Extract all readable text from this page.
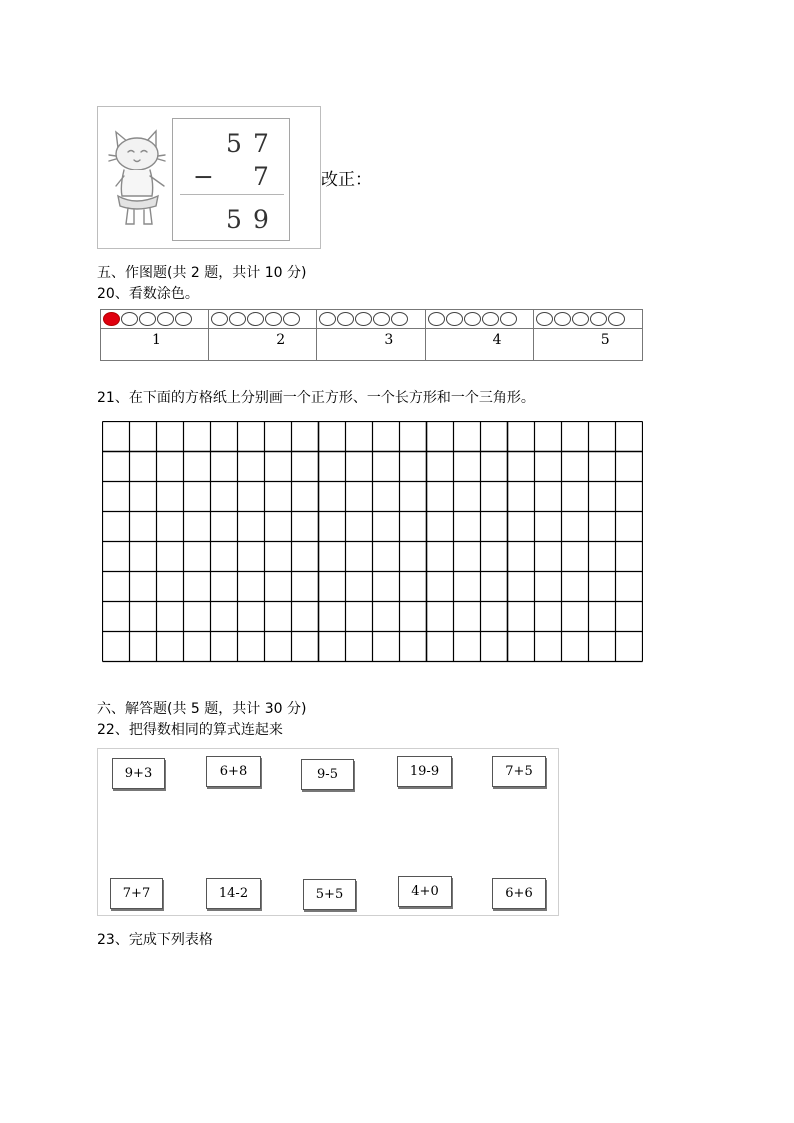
5 7
− 7
5 9
改正：
五、作图题(共 2 题，共计 10 分)
20、看数涂色。
1	2	3	4	5
21、在下面的方格纸上分别画一个正方形、一个长方形和一个三角形。
六、解答题(共 5 题，共计 30 分)
22、把得数相同的算式连起来
9+3	6+8	9-5	19-9	7+5
7+7	14-2	5+5	4+0	6+6
23、完成下列表格
